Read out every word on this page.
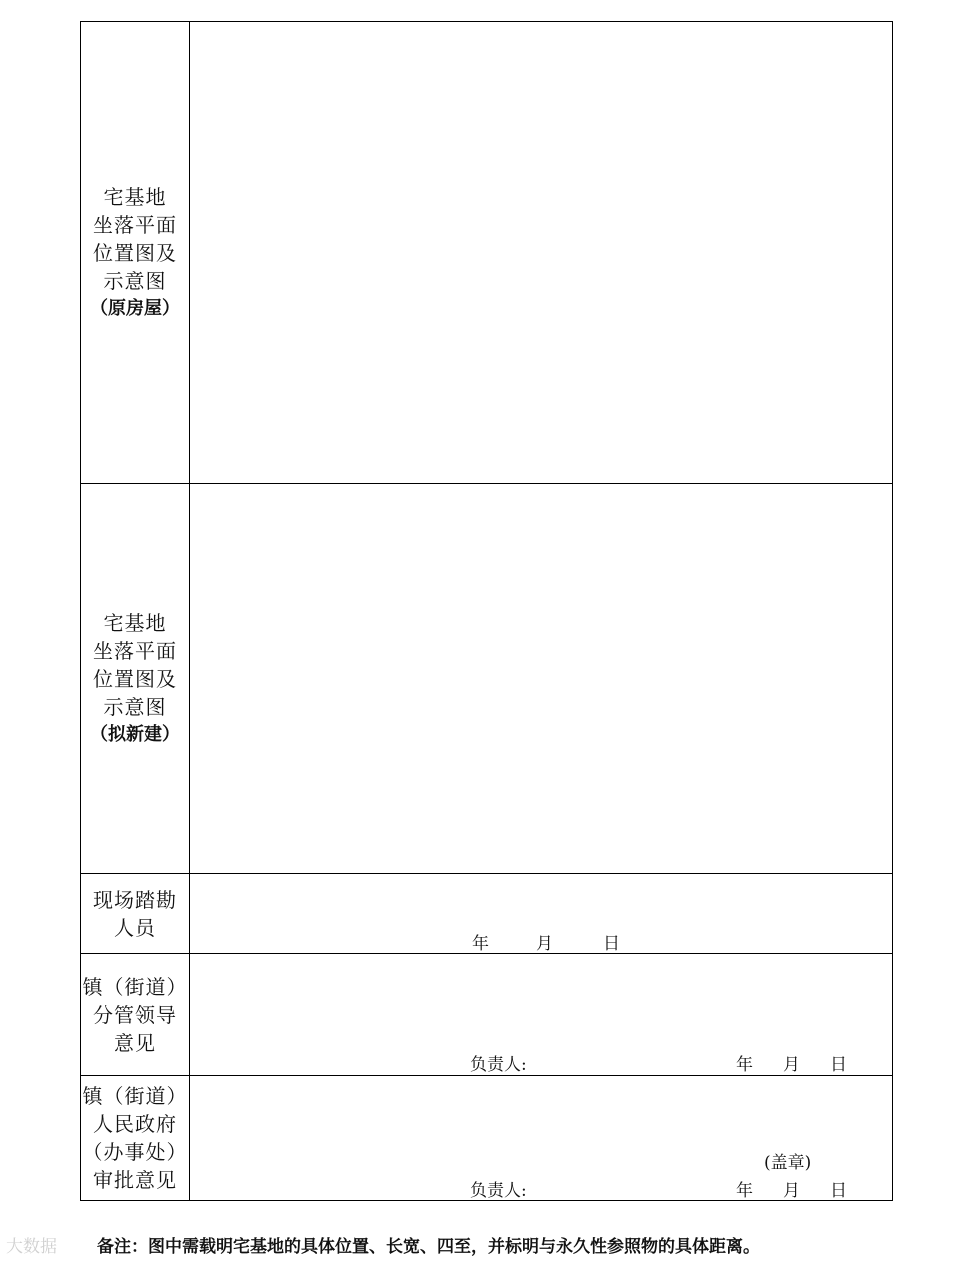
宅基地
坐落平面
位置图及
示意图
（原房屋）
宅基地
坐落平面
位置图及
示意图
（拟新建）
现场踏勘
人员
年	月	日
镇（街道）
分管领导
意见
负责人:	年 月 日
镇（街道）
人民政府
（办事处）
审批意见
(盖章)
负责人:	年 月 日
大数据 备注：图中需载明宅基地的具体位置、长宽、四至，并标明与永久性参照物的具体距离。
